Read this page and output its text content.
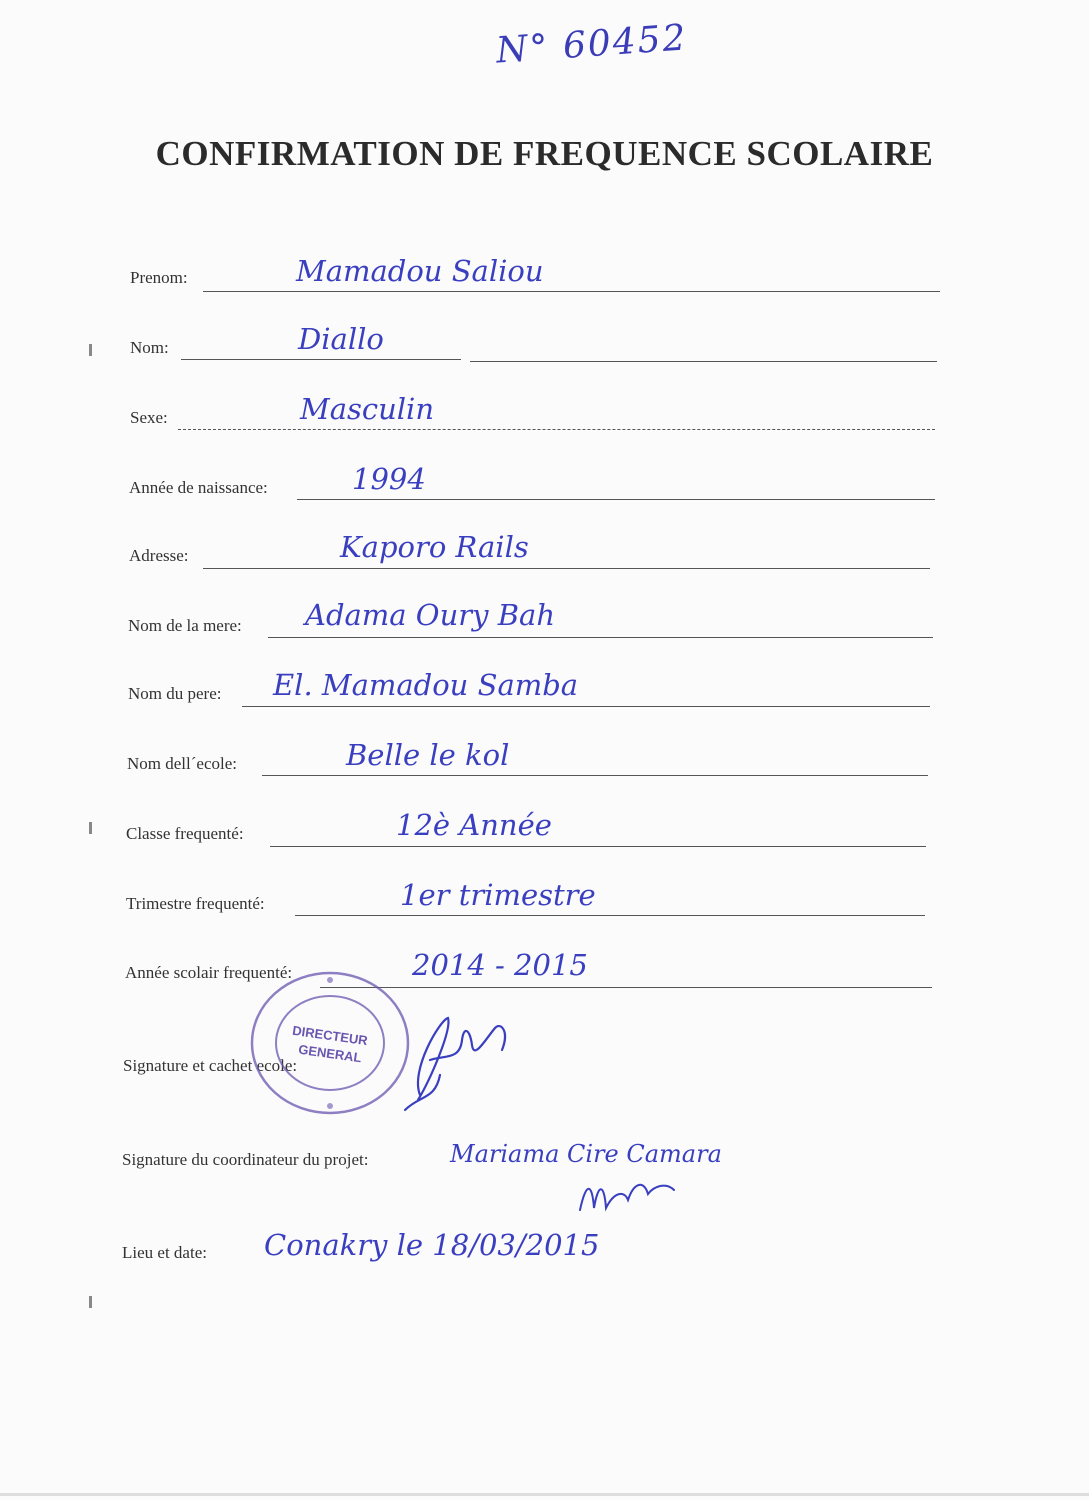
N° 60452
CONFIRMATION DE FREQUENCE SCOLAIRE
Prenom:	Mamadou Saliou
Nom:	Diallo
Sexe:	Masculin
Année de naissance:	1994
Adresse:	Kaporo Rails
Nom de la mere: Adama Oury Bah
Nom du pere: El. Mamadou Samba
Nom dell´ecole:	Belle le kol
Classe frequenté:	12è Année
Trimestre frequenté:	1er trimestre
Année scolair frequenté:	2014 - 2015
Signature et cachet ecole:
DIRECTEUR
GENERAL
Signature du coordinateur du projet:	Mariama Cire Camara
Lieu et date: Conakry le 18/03/2015
